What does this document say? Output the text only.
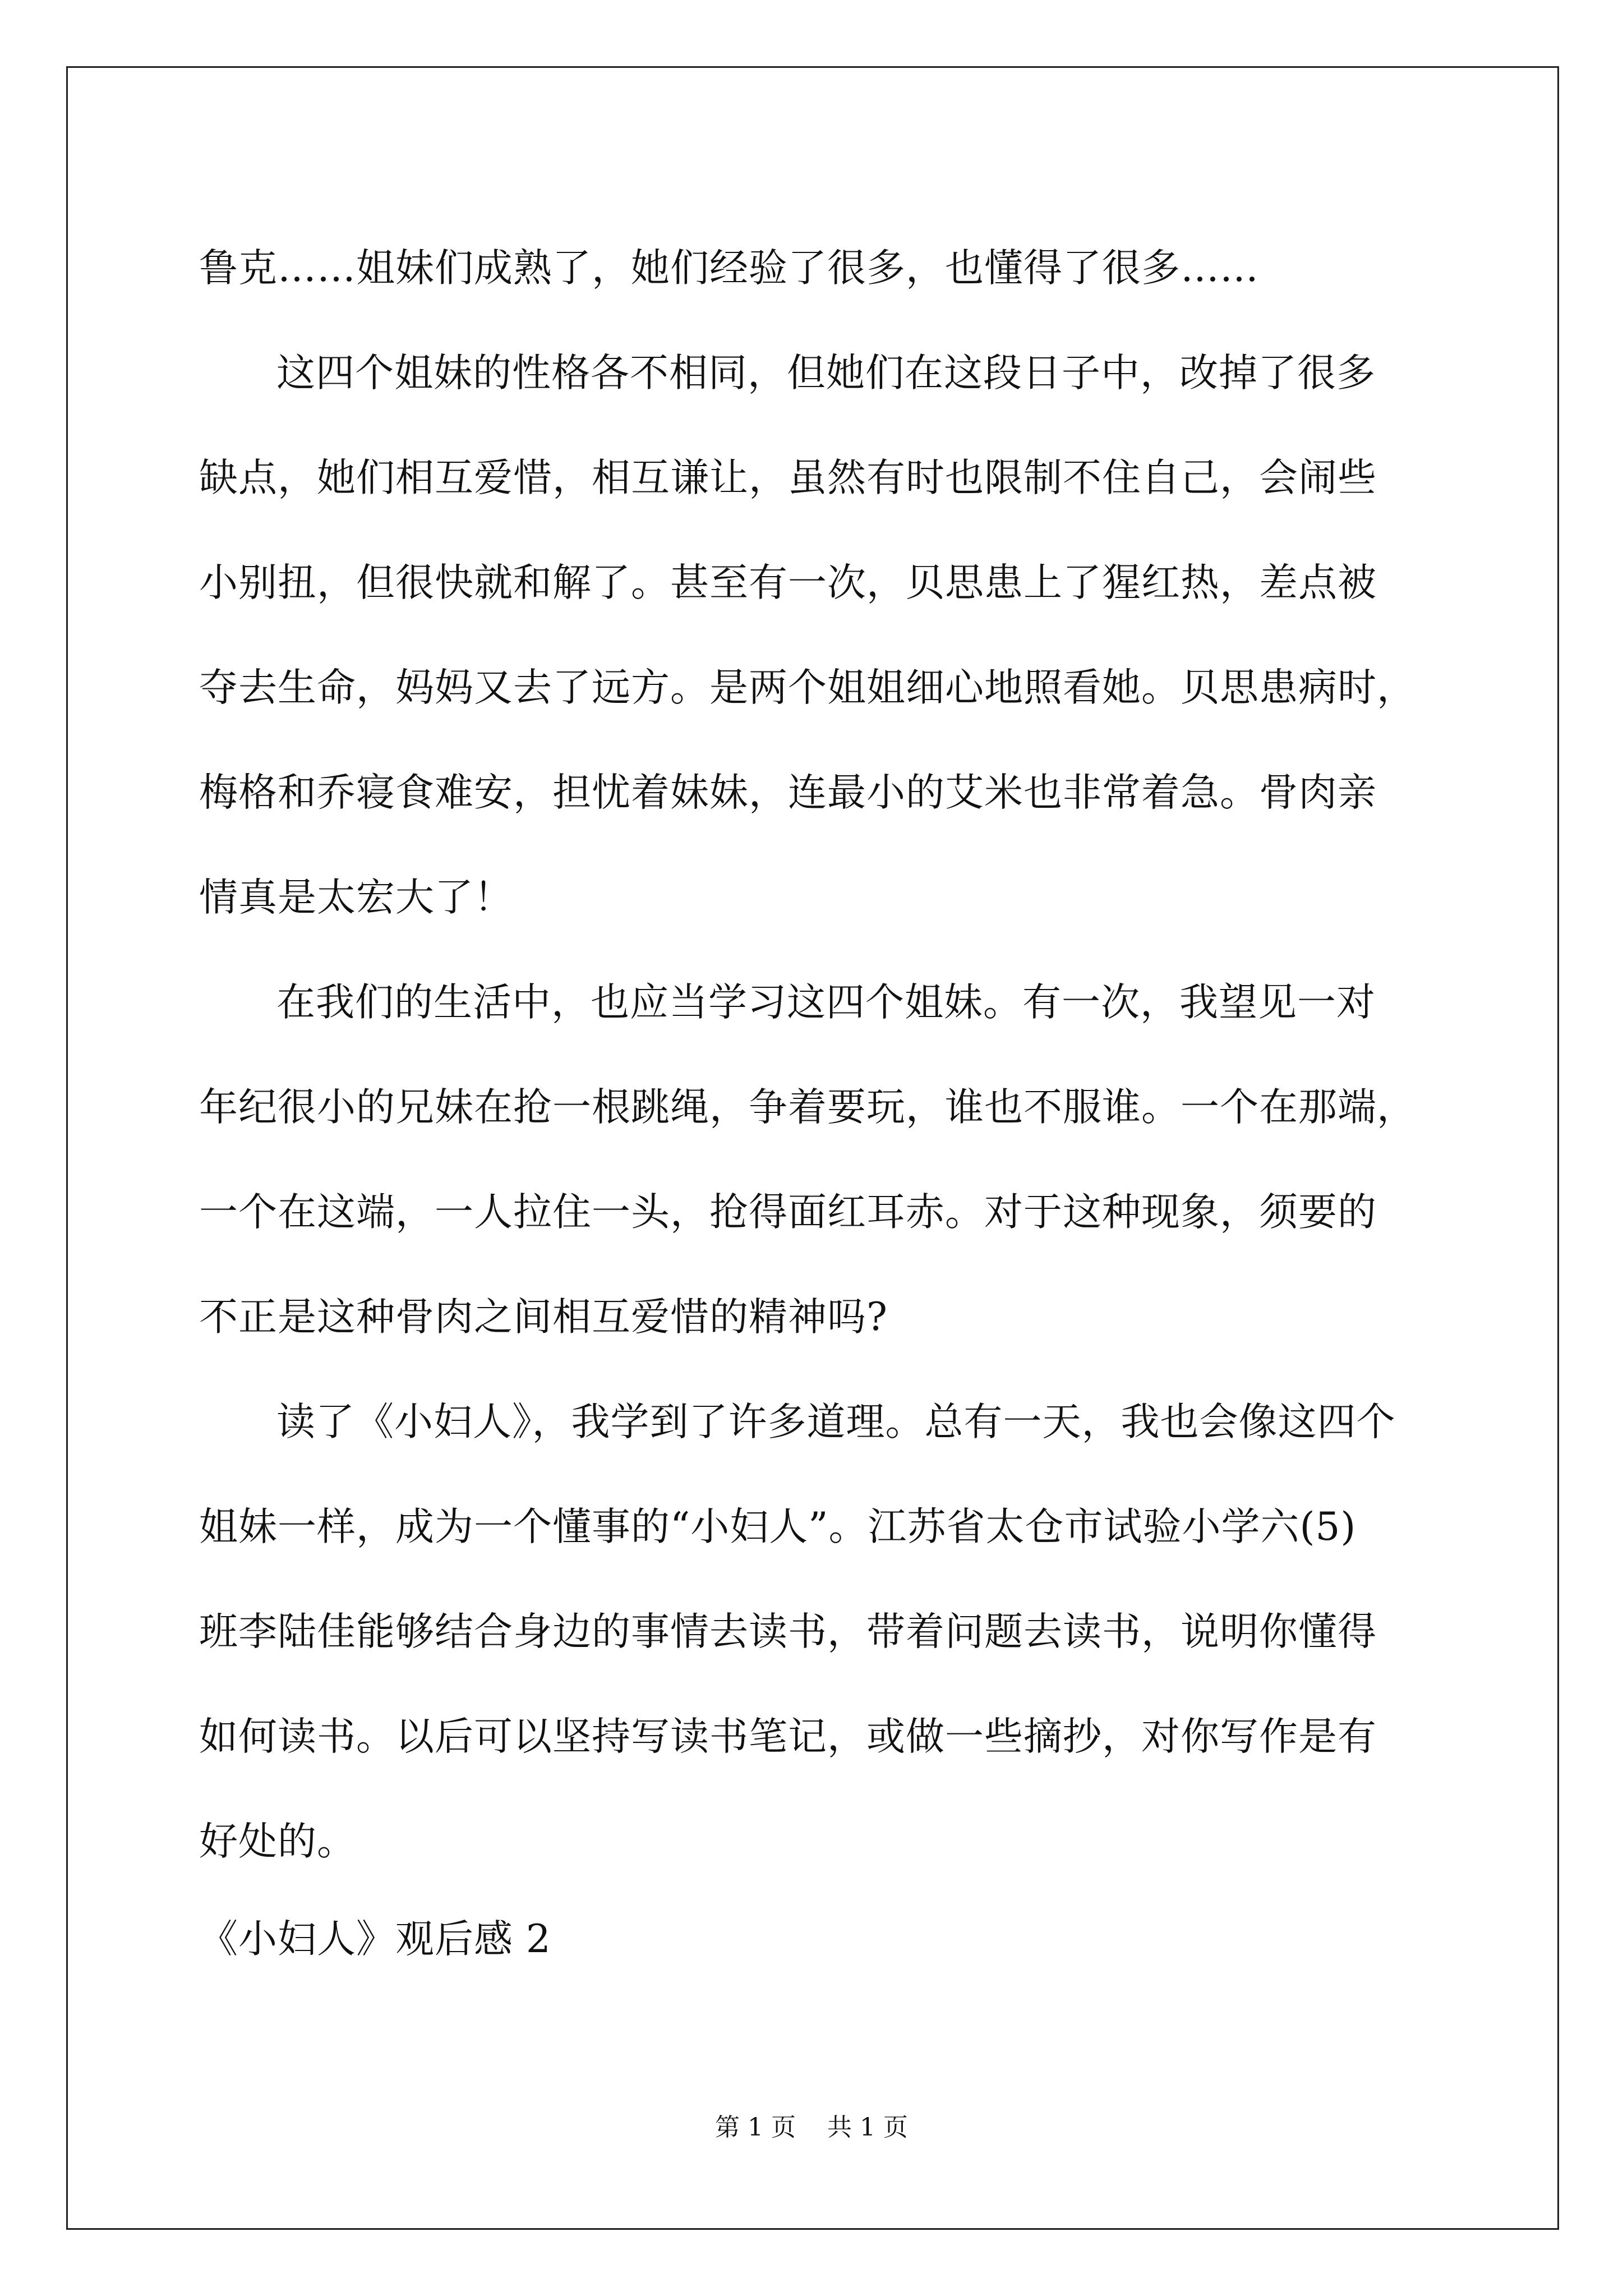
鲁克……姐妹们成熟了，她们经验了很多，也懂得了很多……
这四个姐妹的性格各不相同，但她们在这段日子中，改掉了很多
缺点，她们相互爱惜，相互谦让，虽然有时也限制不住自己，会闹些
小别扭，但很快就和解了。甚至有一次，贝思患上了猩红热，差点被
夺去生命，妈妈又去了远方。是两个姐姐细心地照看她。贝思患病时，
梅格和乔寝食难安，担忧着妹妹，连最小的艾米也非常着急。骨肉亲
情真是太宏大了！
在我们的生活中，也应当学习这四个姐妹。有一次，我望见一对
年纪很小的兄妹在抢一根跳绳，争着要玩，谁也不服谁。一个在那端，
一个在这端，一人拉住一头，抢得面红耳赤。对于这种现象，须要的
不正是这种骨肉之间相互爱惜的精神吗?
读了《小妇人》，我学到了许多道理。总有一天，我也会像这四个
姐妹一样，成为一个懂事的“小妇人”。江苏省太仓市试验小学六(5)
班李陆佳能够结合身边的事情去读书，带着问题去读书，说明你懂得
如何读书。以后可以坚持写读书笔记，或做一些摘抄，对你写作是有
好处的。
《小妇人》观后感 2
第 1 页    共 1 页
